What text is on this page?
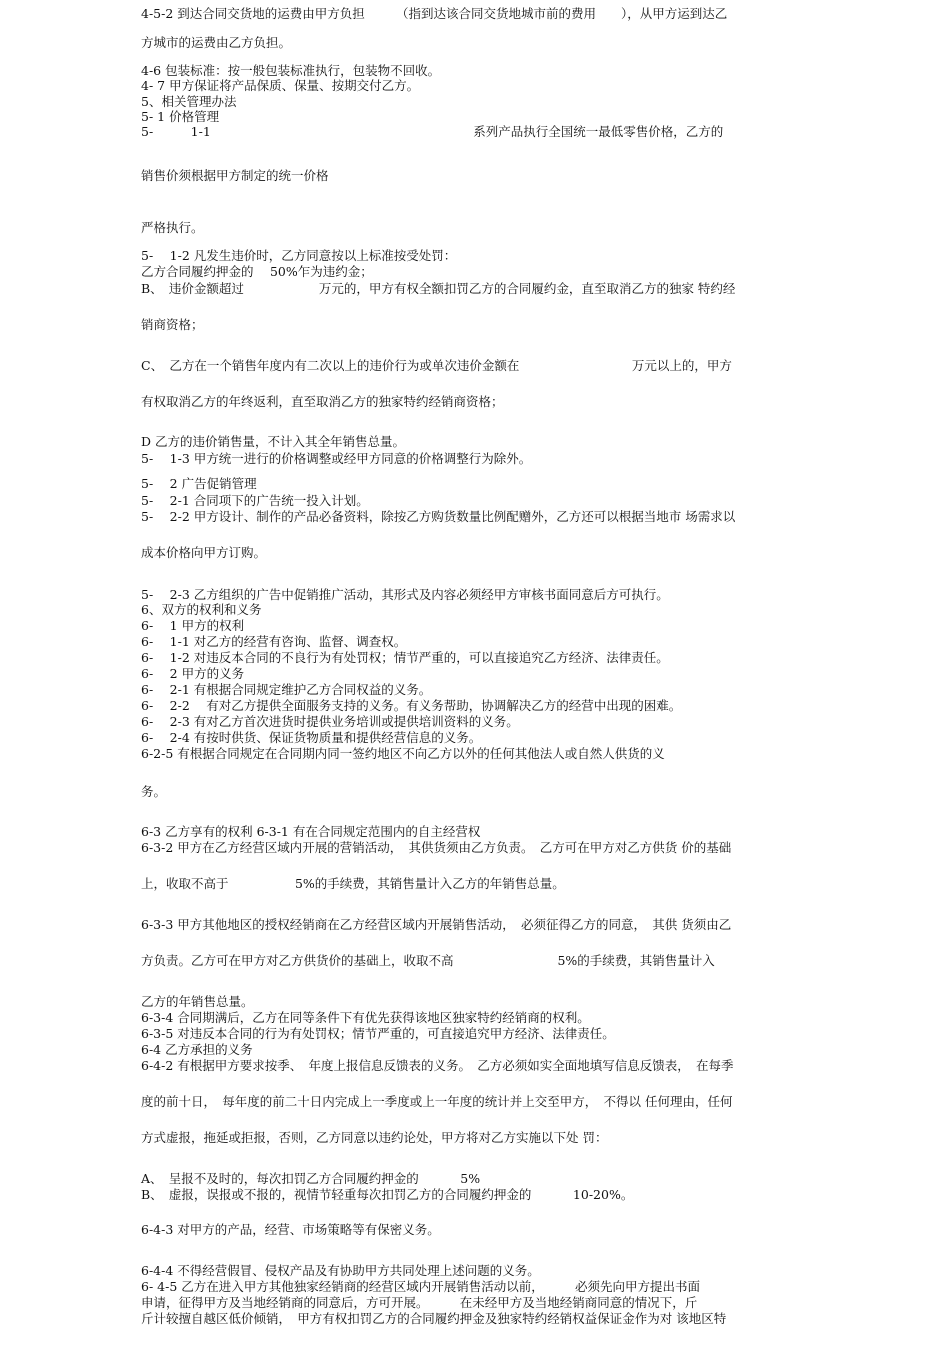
4-5-2 到达合同交货地的运费由甲方负担　　　（指到达该合同交货地城市前的费用　　），从甲方运到达乙
方城市的运费由乙方负担。
4-6 包装标准：按一般包装标准执行，包装物不回收。
4- 7 甲方保证将产品保质、保量、按期交付乙方。
5、相关管理办法
5- 1 价格管理
5-　　　1-1　　　　　　　　　　　　　　　　　　　　　系列产品执行全国统一最低零售价格，乙方的
销售价须根据甲方制定的统一价格
严格执行。
5-　 1-2 凡发生违价时，乙方同意按以上标准按受处罚：
乙方合同履约押金的　 50%乍为违约金；
B、　违价金额超过　　　　　　万元的，甲方有权全额扣罚乙方的合同履约金，直至取消乙方的独家 特约经
销商资格；
C、　乙方在一个销售年度内有二次以上的违价行为或单次违价金额在　　　　　　　　　万元以上的，甲方
有权取消乙方的年终返利，直至取消乙方的独家特约经销商资格；
D 乙方的违价销售量，不计入其全年销售总量。
5-　 1-3 甲方统一进行的价格调整或经甲方同意的价格调整行为除外。
5-　 2 广告促销管理
5-　 2-1 合同项下的广告统一投入计划。
5-　 2-2 甲方设计、制作的产品必备资料，除按乙方购货数量比例配赠外，乙方还可以根据当地市 场需求以
成本价格向甲方订购。
5-　 2-3 乙方组织的广告中促销推广活动，其形式及内容必须经甲方审核书面同意后方可执行。
6、双方的权利和义务
6-　 1 甲方的权利
6-　 1-1 对乙方的经营有咨询、监督、调查权。
6-　 1-2 对违反本合同的不良行为有处罚权；情节严重的，可以直接追究乙方经济、法律责任。
6-　 2 甲方的义务
6-　 2-1 有根据合同规定维护乙方合同权益的义务。
6-　 2-2　 有对乙方提供全面服务支持的义务。有义务帮助，协调解决乙方的经营中出现的困难。
6-　 2-3 有对乙方首次进货时提供业务培训或提供培训资料的义务。
6-　 2-4 有按时供货、保证货物质量和提供经营信息的义务。
6-2-5 有根据合同规定在合同期内同一签约地区不向乙方以外的任何其他法人或自然人供货的义
务。
6-3 乙方享有的权利 6-3-1 有在合同规定范围内的自主经营权
6-3-2 甲方在乙方经营区域内开展的营销活动，　其供货须由乙方负责。　乙方可在甲方对乙方供货 价的基础
上，收取不高于　　　　　 5%的手续费，其销售量计入乙方的年销售总量。
6-3-3 甲方其他地区的授权经销商在乙方经营区域内开展销售活动，　必须征得乙方的同意，　其供 货须由乙
方负责。乙方可在甲方对乙方供货价的基础上，收取不高　　　　　　　　 5%的手续费，其销售量计入
乙方的年销售总量。
6-3-4 合同期满后，乙方在同等条件下有优先获得该地区独家特约经销商的权利。
6-3-5 对违反本合同的行为有处罚权；情节严重的，可直接追究甲方经济、法律责任。
6-4 乙方承担的义务
6-4-2 有根据甲方要求按季、　年度上报信息反馈表的义务。　乙方必须如实全面地填写信息反馈表，　在每季
度的前十日，　每年度的前二十日内完成上一季度或上一年度的统计并上交至甲方，　不得以 任何理由，任何
方式虚报，拖延或拒报，否则，乙方同意以违约论处，甲方将对乙方实施以下处 罚：
A、　呈报不及时的，每次扣罚乙方合同履约押金的　　　 5%
B、　虚报，误报或不报的，视情节轻重每次扣罚乙方的合同履约押金的　　　 10-20%。
6-4-3 对甲方的产品，经营、市场策略等有保密义务。
6-4-4 不得经营假冒、侵权产品及有协助甲方共同处理上述问题的义务。
6- 4-5 乙方在进入甲方其他独家经销商的经营区域内开展销售活动以前，　　　必须先向甲方提出书面
申请，征得甲方及当地经销商的同意后，方可开展。　　　在未经甲方及当地经销商同意的情况下，斤
斤计较擅自越区低价倾销，　甲方有权扣罚乙方的合同履约押金及独家特约经销权益保证金作为对 该地区特
